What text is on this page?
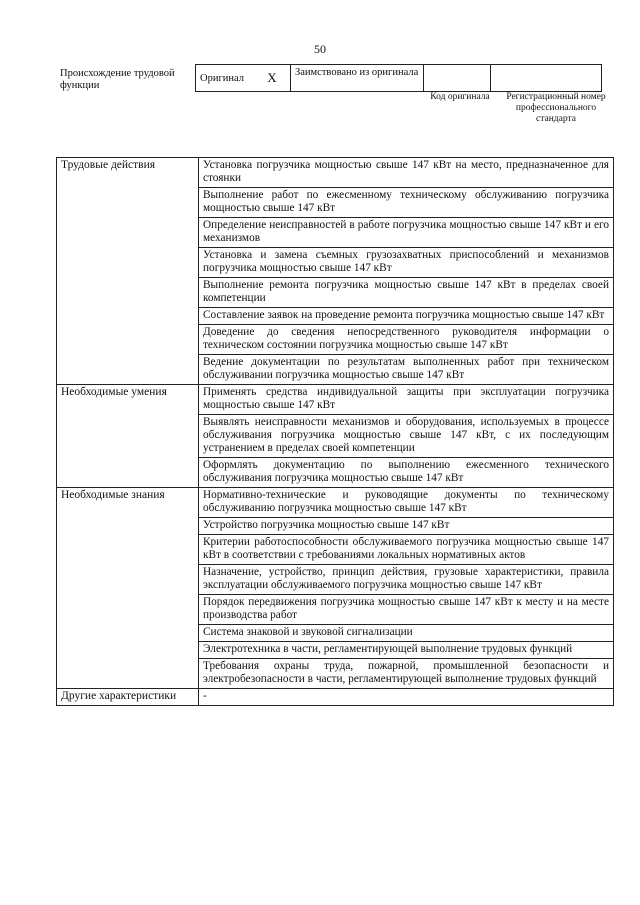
50
Происхождение трудовой функции
Оригинал	X	Заимствовано из оригинала		
Код оригинала	Регистрационный номер профессионального стандарта
Трудовые действия	Установка погрузчика мощностью свыше 147 кВт на место, предназначенное для стоянки
	Выполнение работ по ежесменному техническому обслуживанию погрузчика мощностью свыше 147 кВт
	Определение неисправностей в работе погрузчика мощностью свыше 147 кВт и его механизмов
	Установка и замена съемных грузозахватных приспособлений и механизмов погрузчика мощностью свыше 147 кВт
	Выполнение ремонта погрузчика мощностью свыше 147 кВт в пределах своей компетенции
	Составление заявок на проведение ремонта погрузчика мощностью свыше 147 кВт
	Доведение до сведения непосредственного руководителя информации о техническом состоянии погрузчика мощностью свыше 147 кВт
	Ведение документации по результатам выполненных работ при техническом обслуживании погрузчика мощностью свыше 147 кВт
Необходимые умения	Применять средства индивидуальной защиты при эксплуатации погрузчика мощностью свыше 147 кВт
	Выявлять неисправности механизмов и оборудования, используемых в процессе обслуживания погрузчика мощностью свыше 147 кВт, с их последующим устранением в пределах своей компетенции
	Оформлять документацию по выполнению ежесменного технического обслуживания погрузчика мощностью свыше 147 кВт
Необходимые знания	Нормативно-технические и руководящие документы по техническому обслуживанию погрузчика мощностью свыше 147 кВт
	Устройство погрузчика мощностью свыше 147 кВт
	Критерии работоспособности обслуживаемого погрузчика мощностью свыше 147 кВт в соответствии с требованиями локальных нормативных актов
	Назначение, устройство, принцип действия, грузовые характеристики, правила эксплуатации обслуживаемого погрузчика мощностью свыше 147 кВт
	Порядок передвижения погрузчика мощностью свыше 147 кВт к месту и на месте производства работ
	Система знаковой и звуковой сигнализации
	Электротехника в части, регламентирующей выполнение трудовых функций
	Требования охраны труда, пожарной, промышленной безопасности и электробезопасности в части, регламентирующей выполнение трудовых функций
Другие характеристики	-
